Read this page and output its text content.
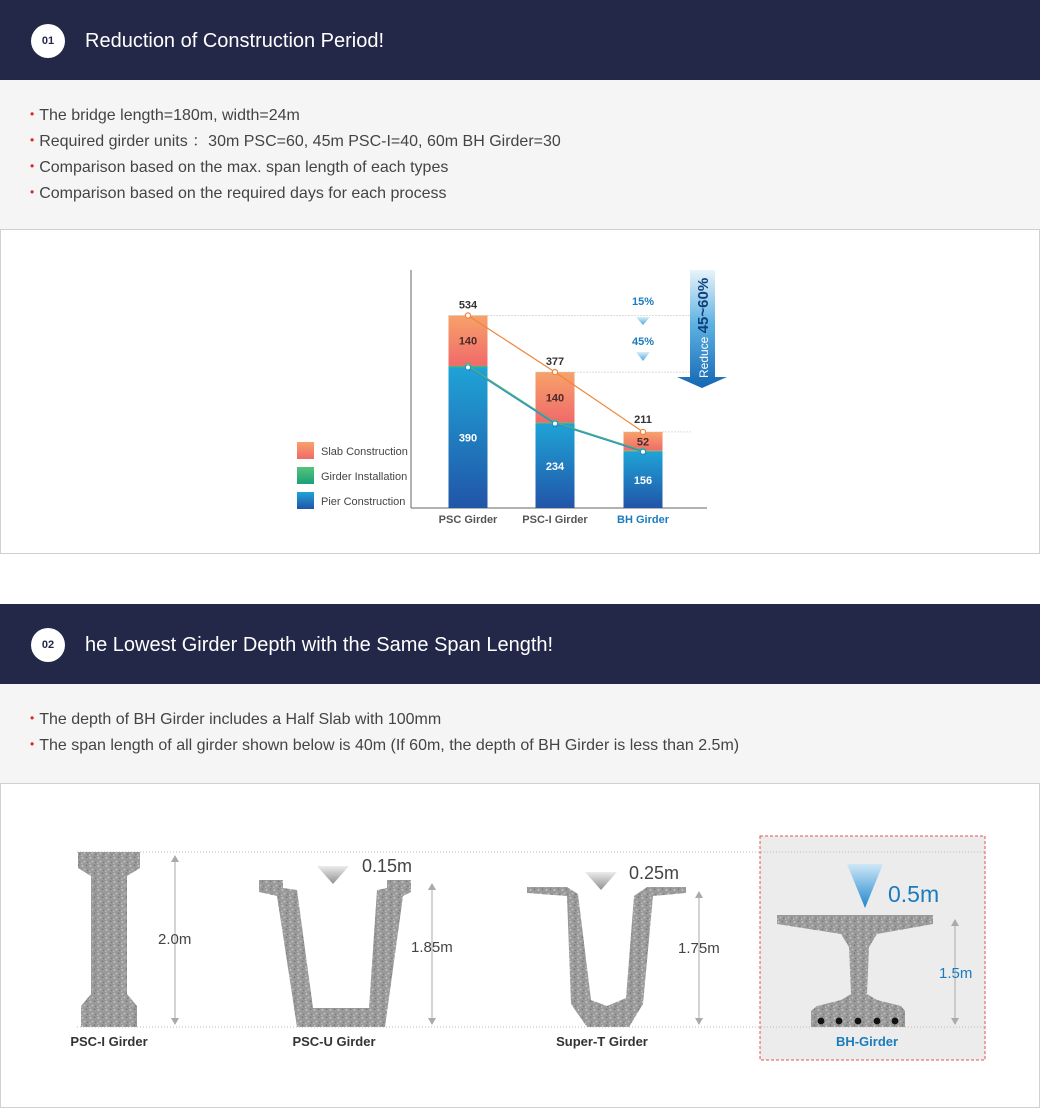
01	Reduction of Construction Period!
• The bridge length=180m, width=24m
• Required girder units ：30m PSC=60, 45m PSC-I=40, 60m BH Girder=30
• Comparison based on the max. span length of each types
• Comparison based on the required days for each process
390
140
534
PSC Girder
234
140
377
PSC-I Girder
156
52
211
BH Girder
15%
45%	Reduce 45~60%
Slab Construction
Girder Installation
Pier Construction
02	he Lowest Girder Depth with the Same Span Length!
• The depth of BH Girder includes a Half Slab with 100mm
• The span length of all girder shown below is 40m (If 60m, the depth of BH Girder is less than 2.5m)
2.0m
PSC-I Girder
0.15m
1.85m
PSC-U Girder
0.25m
1.75m
Super-T Girder
0.5m
1.5m
BH-Girder
